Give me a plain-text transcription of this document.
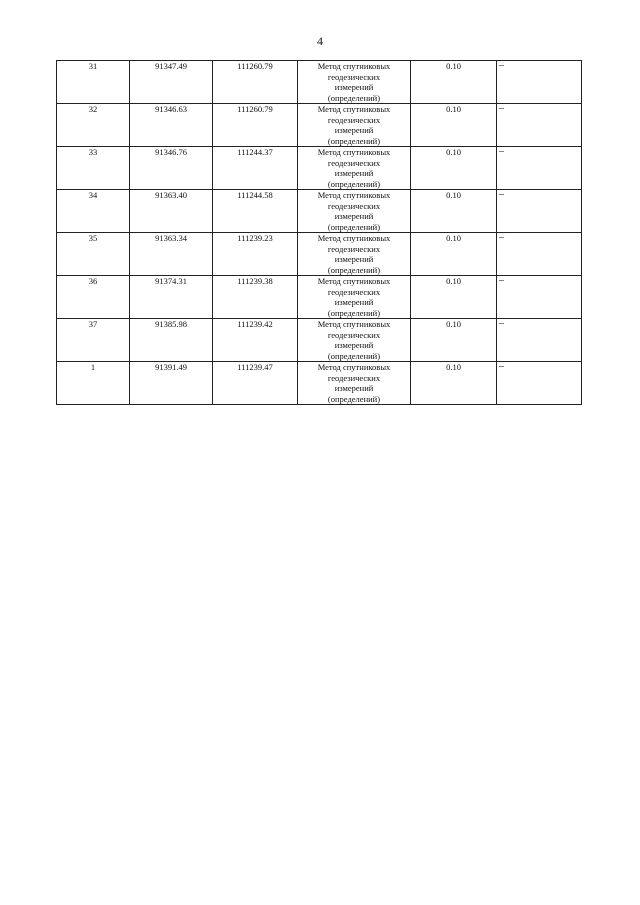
4
31	91347.49	111260.79	Метод спутниковых
геодезических
измерений
(определений)	0.10	–
32	91346.63	111260.79	Метод спутниковых
геодезических
измерений
(определений)	0.10	–
33	91346.76	111244.37	Метод спутниковых
геодезических
измерений
(определений)	0.10	–
34	91363.40	111244.58	Метод спутниковых
геодезических
измерений
(определений)	0.10	–
35	91363.34	111239.23	Метод спутниковых
геодезических
измерений
(определений)	0.10	–
36	91374.31	111239.38	Метод спутниковых
геодезических
измерений
(определений)	0.10	–
37	91385.98	111239.42	Метод спутниковых
геодезических
измерений
(определений)	0.10	–
1	91391.49	111239.47	Метод спутниковых
геодезических
измерений
(определений)	0.10	–
